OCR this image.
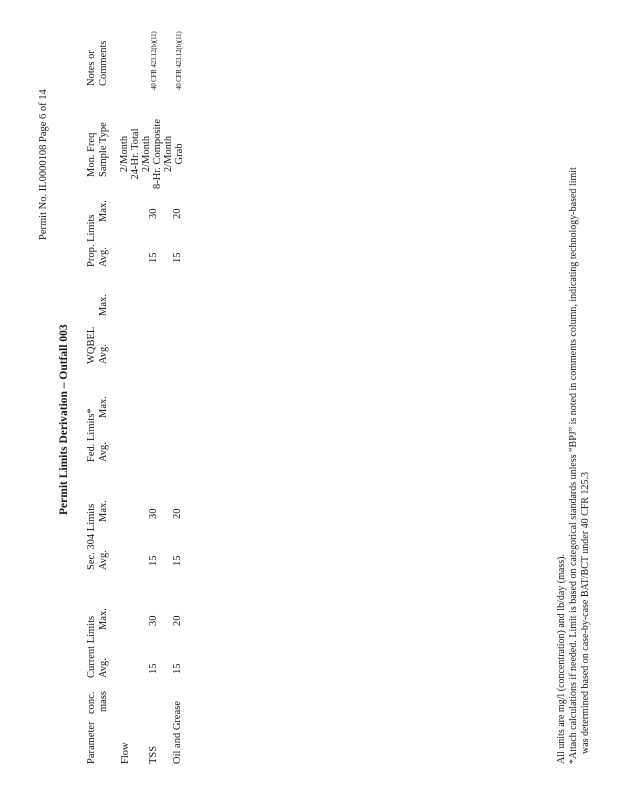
Permit No. IL0000108 Page 6 of 14
Permit Limits Derivation – Outfall 003
Parameter
conc. mass
Current Limits Avg.
Max.
Sec. 304 Limits Avg.
Max.
Fed. Limits* Avg.
Max.
WQBEL Avg.
Max.
Prop. Limits Avg.
Max.
Mon. Freq Sample Type
Notes or Comments
Flow
2/Month 24-Hr. Total
TSS
15
30
15
30
15
30
2/Month 8-Hr. Composite
40 CFR 423.12(b)(11)
Oil and Grease
15
20
15
20
15
20
2/Month Grab
40 CFR 423.12(b)(11)
All units are mg/l (concentration) and lb/day (mass). *Attach calculations if needed. Limit is based on categorical standards unless “BPJ” is noted in comments column, indicating technology-based limit was determined based on case-by-case BAT/BCT under 40 CFR 125.3
